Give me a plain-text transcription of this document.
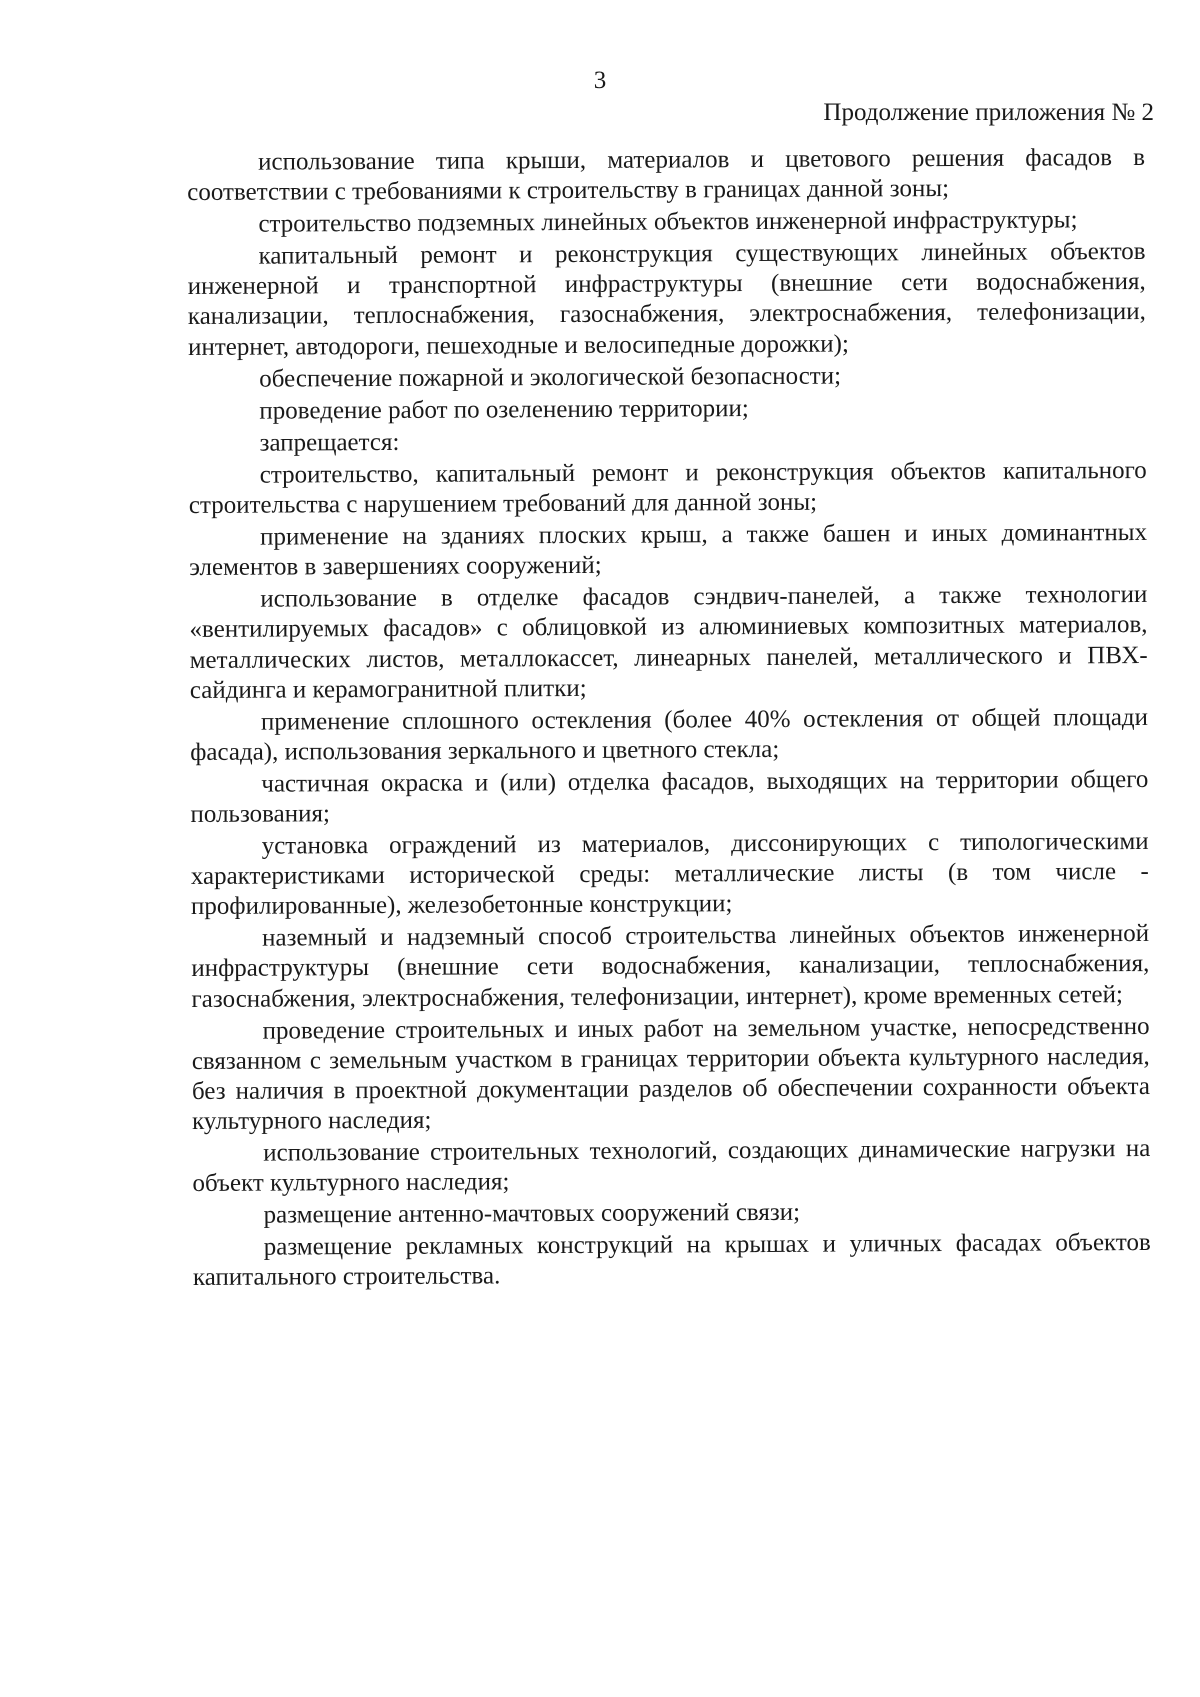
3
Продолжение приложения № 2

использование типа крыши, материалов и цветового решения фасадов в соответствии с требованиями к строительству в границах данной зоны;

строительство подземных линейных объектов инженерной инфраструктуры;

капитальный ремонт и реконструкция существующих линейных объектов инженерной и транспортной инфраструктуры (внешние сети водоснабжения, канализации, теплоснабжения, газоснабжения, электроснабжения, телефонизации, интернет, автодороги, пешеходные и велосипедные дорожки);

обеспечение пожарной и экологической безопасности;

проведение работ по озеленению территории;

запрещается:

строительство, капитальный ремонт и реконструкция объектов капитального строительства с нарушением требований для данной зоны;

применение на зданиях плоских крыш, а также башен и иных доминантных элементов в завершениях сооружений;

использование в отделке фасадов сэндвич-панелей, а также технологии «вентилируемых фасадов» с облицовкой из алюминиевых композитных материалов, металлических листов, металлокассет, линеарных панелей, металлического и ПВХ-сайдинга и керамогранитной плитки;

применение сплошного остекления (более 40% остекления от общей площади фасада), использования зеркального и цветного стекла;

частичная окраска и (или) отделка фасадов, выходящих на территории общего пользования;

установка ограждений из материалов, диссонирующих с типологическими характеристиками исторической среды: металлические листы (в том числе - профилированные), железобетонные конструкции;

наземный и надземный способ строительства линейных объектов инженерной инфраструктуры (внешние сети водоснабжения, канализации, теплоснабжения, газоснабжения, электроснабжения, телефонизации, интернет), кроме временных сетей;

проведение строительных и иных работ на земельном участке, непосредственно связанном с земельным участком в границах территории объекта культурного наследия, без наличия в проектной документации разделов об обеспечении сохранности объекта культурного наследия;

использование строительных технологий, создающих динамические нагрузки на объект культурного наследия;

размещение антенно-мачтовых сооружений связи;

размещение рекламных конструкций на крышах и уличных фасадах объектов капитального строительства.
